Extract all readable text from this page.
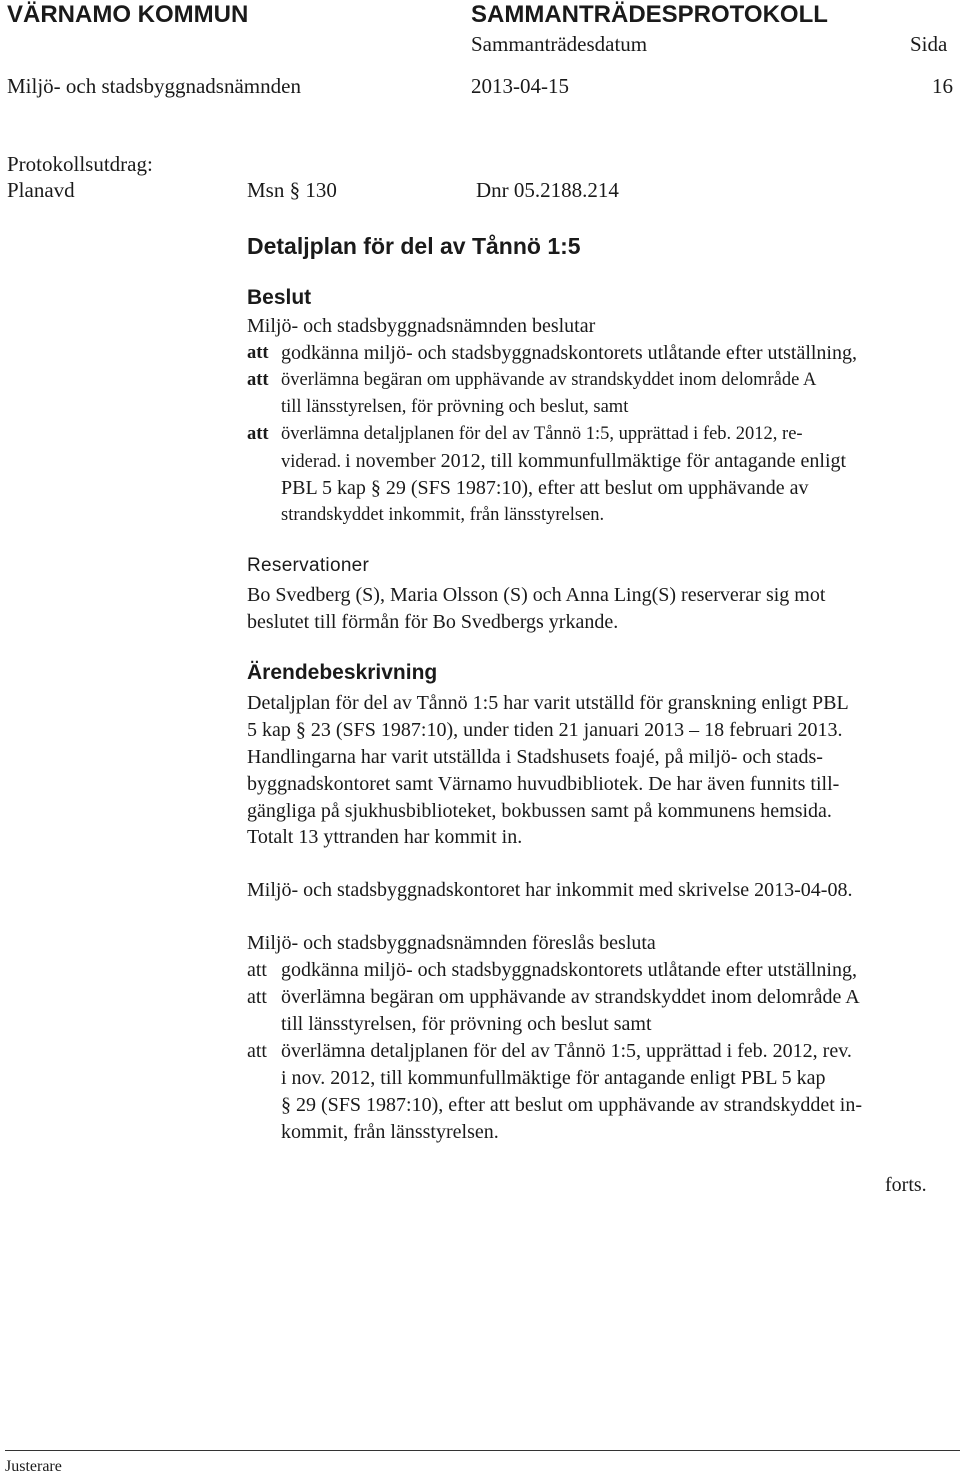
VÄRNAMO KOMMUN	SAMMANTRÄDESPROTOKOLL
Sammanträdesdatum	Sida
Miljö- och stadsbyggnadsnämnden	2013-04-15	16
Protokollsutdrag:
Planavd	Msn § 130	Dnr 05.2188.214
Detaljplan för del av Tånnö 1:5
Beslut
Miljö- och stadsbyggnadsnämnden beslutar
att godkänna miljö- och stadsbyggnadskontorets utlåtande efter utställning,
att överlämna begäran om upphävande av strandskyddet inom delområde A
till länsstyrelsen, för prövning och beslut, samt
att överlämna detaljplanen för del av Tånnö 1:5, upprättad i feb. 2012, re-
viderad. i november 2012, till kommunfullmäktige för antagande enligt
PBL 5 kap § 29 (SFS 1987:10), efter att beslut om upphävande av
strandskyddet inkommit, från länsstyrelsen.
Reservationer
Bo Svedberg (S), Maria Olsson (S) och Anna Ling(S) reserverar sig mot
beslutet till förmån för Bo Svedbergs yrkande.
Ärendebeskrivning
Detaljplan för del av Tånnö 1:5 har varit utställd för granskning enligt PBL
5 kap § 23 (SFS 1987:10), under tiden 21 januari 2013 – 18 februari 2013.
Handlingarna har varit utställda i Stadshusets foajé, på miljö- och stads-
byggnadskontoret samt Värnamo huvudbibliotek. De har även funnits till-
gängliga på sjukhusbiblioteket, bokbussen samt på kommunens hemsida.
Totalt 13 yttranden har kommit in.
Miljö- och stadsbyggnadskontoret har inkommit med skrivelse 2013-04-08.
Miljö- och stadsbyggnadsnämnden föreslås besluta
att godkänna miljö- och stadsbyggnadskontorets utlåtande efter utställning,
att överlämna begäran om upphävande av strandskyddet inom delområde A
till länsstyrelsen, för prövning och beslut samt
att överlämna detaljplanen för del av Tånnö 1:5, upprättad i feb. 2012, rev.
i nov. 2012, till kommunfullmäktige för antagande enligt PBL 5 kap
§ 29 (SFS 1987:10), efter att beslut om upphävande av strandskyddet in-
kommit, från länsstyrelsen.
forts.
Justerare
